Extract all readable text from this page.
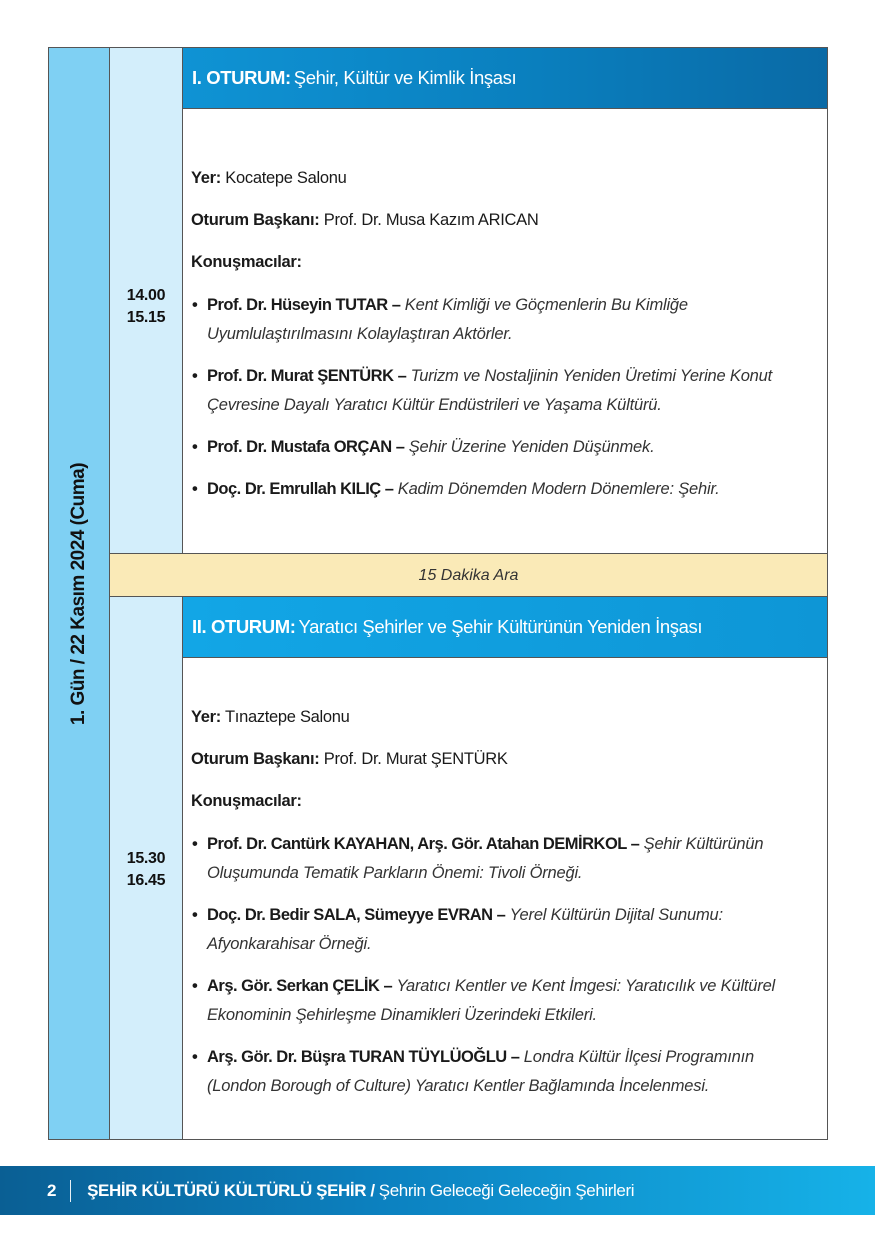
1. Gün / 22 Kasım 2024 (Cuma)
14.00
15.15
I. OTURUM: Şehir, Kültür ve Kimlik İnşası
Yer: Kocatepe Salonu
Oturum Başkanı: Prof. Dr. Musa Kazım ARICAN
Konuşmacılar:
• Prof. Dr. Hüseyin TUTAR – Kent Kimliği ve Göçmenlerin Bu Kimliğe
Uyumlulaştırılmasını Kolaylaştıran Aktörler.
• Prof. Dr. Murat ŞENTÜRK – Turizm ve Nostaljinin Yeniden Üretimi Yerine Konut
Çevresine Dayalı Yaratıcı Kültür Endüstrileri ve Yaşama Kültürü.
• Prof. Dr. Mustafa ORÇAN – Şehir Üzerine Yeniden Düşünmek.
• Doç. Dr. Emrullah KILIÇ – Kadim Dönemden Modern Dönemlere: Şehir.
15 Dakika Ara
15.30
16.45
II. OTURUM: Yaratıcı Şehirler ve Şehir Kültürünün Yeniden İnşası
Yer: Tınaztepe Salonu
Oturum Başkanı: Prof. Dr. Murat ŞENTÜRK
Konuşmacılar:
• Prof. Dr. Cantürk KAYAHAN, Arş. Gör. Atahan DEMİRKOL – Şehir Kültürünün
Oluşumunda Tematik Parkların Önemi: Tivoli Örneği.
• Doç. Dr. Bedir SALA, Sümeyye EVRAN – Yerel Kültürün Dijital Sunumu:
Afyonkarahisar Örneği.
• Arş. Gör. Serkan ÇELİK – Yaratıcı Kentler ve Kent İmgesi: Yaratıcılık ve Kültürel
Ekonominin Şehirleşme Dinamikleri Üzerindeki Etkileri.
• Arş. Gör. Dr. Büşra TURAN TÜYLÜOĞLU – Londra Kültür İlçesi Programının
(London Borough of Culture) Yaratıcı Kentler Bağlamında İncelenmesi.
2 ŞEHİR KÜLTÜRÜ KÜLTÜRLÜ ŞEHİR / Şehrin Geleceği Geleceğin Şehirleri
